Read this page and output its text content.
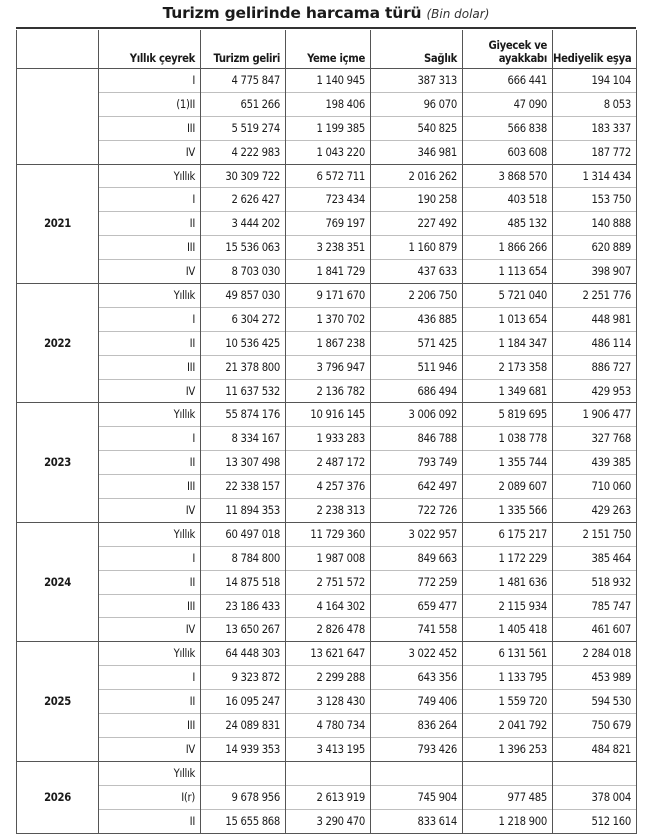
Turizm gelirinde harcama türü (Bin dolar)
	Yıllık çeyrek	Turizm geliri	Yeme içme	Sağlık	Giyecek ve ayakkabı	Hediyelik eşya
	I	4 775 847	1 140 945	387 313	666 441	194 104
	(1)II	651 266	198 406	96 070	47 090	8 053
	III	5 519 274	1 199 385	540 825	566 838	183 337
	IV	4 222 983	1 043 220	346 981	603 608	187 772
2021	Yıllık	30 309 722	6 572 711	2 016 262	3 868 570	1 314 434
	I	2 626 427	723 434	190 258	403 518	153 750
	II	3 444 202	769 197	227 492	485 132	140 888
	III	15 536 063	3 238 351	1 160 879	1 866 266	620 889
	IV	8 703 030	1 841 729	437 633	1 113 654	398 907
2022	Yıllık	49 857 030	9 171 670	2 206 750	5 721 040	2 251 776
	I	6 304 272	1 370 702	436 885	1 013 654	448 981
	II	10 536 425	1 867 238	571 425	1 184 347	486 114
	III	21 378 800	3 796 947	511 946	2 173 358	886 727
	IV	11 637 532	2 136 782	686 494	1 349 681	429 953
2023	Yıllık	55 874 176	10 916 145	3 006 092	5 819 695	1 906 477
	I	8 334 167	1 933 283	846 788	1 038 778	327 768
	II	13 307 498	2 487 172	793 749	1 355 744	439 385
	III	22 338 157	4 257 376	642 497	2 089 607	710 060
	IV	11 894 353	2 238 313	722 726	1 335 566	429 263
2024	Yıllık	60 497 018	11 729 360	3 022 957	6 175 217	2 151 750
	I	8 784 800	1 987 008	849 663	1 172 229	385 464
	II	14 875 518	2 751 572	772 259	1 481 636	518 932
	III	23 186 433	4 164 302	659 477	2 115 934	785 747
	IV	13 650 267	2 826 478	741 558	1 405 418	461 607
2025	Yıllık	64 448 303	13 621 647	3 022 452	6 131 561	2 284 018
	I	9 323 872	2 299 288	643 356	1 133 795	453 989
	II	16 095 247	3 128 430	749 406	1 559 720	594 530
	III	24 089 831	4 780 734	836 264	2 041 792	750 679
	IV	14 939 353	3 413 195	793 426	1 396 253	484 821
2026	Yıllık					
	I(r)	9 678 956	2 613 919	745 904	977 485	378 004
	II	15 655 868	3 290 470	833 614	1 218 900	512 160
